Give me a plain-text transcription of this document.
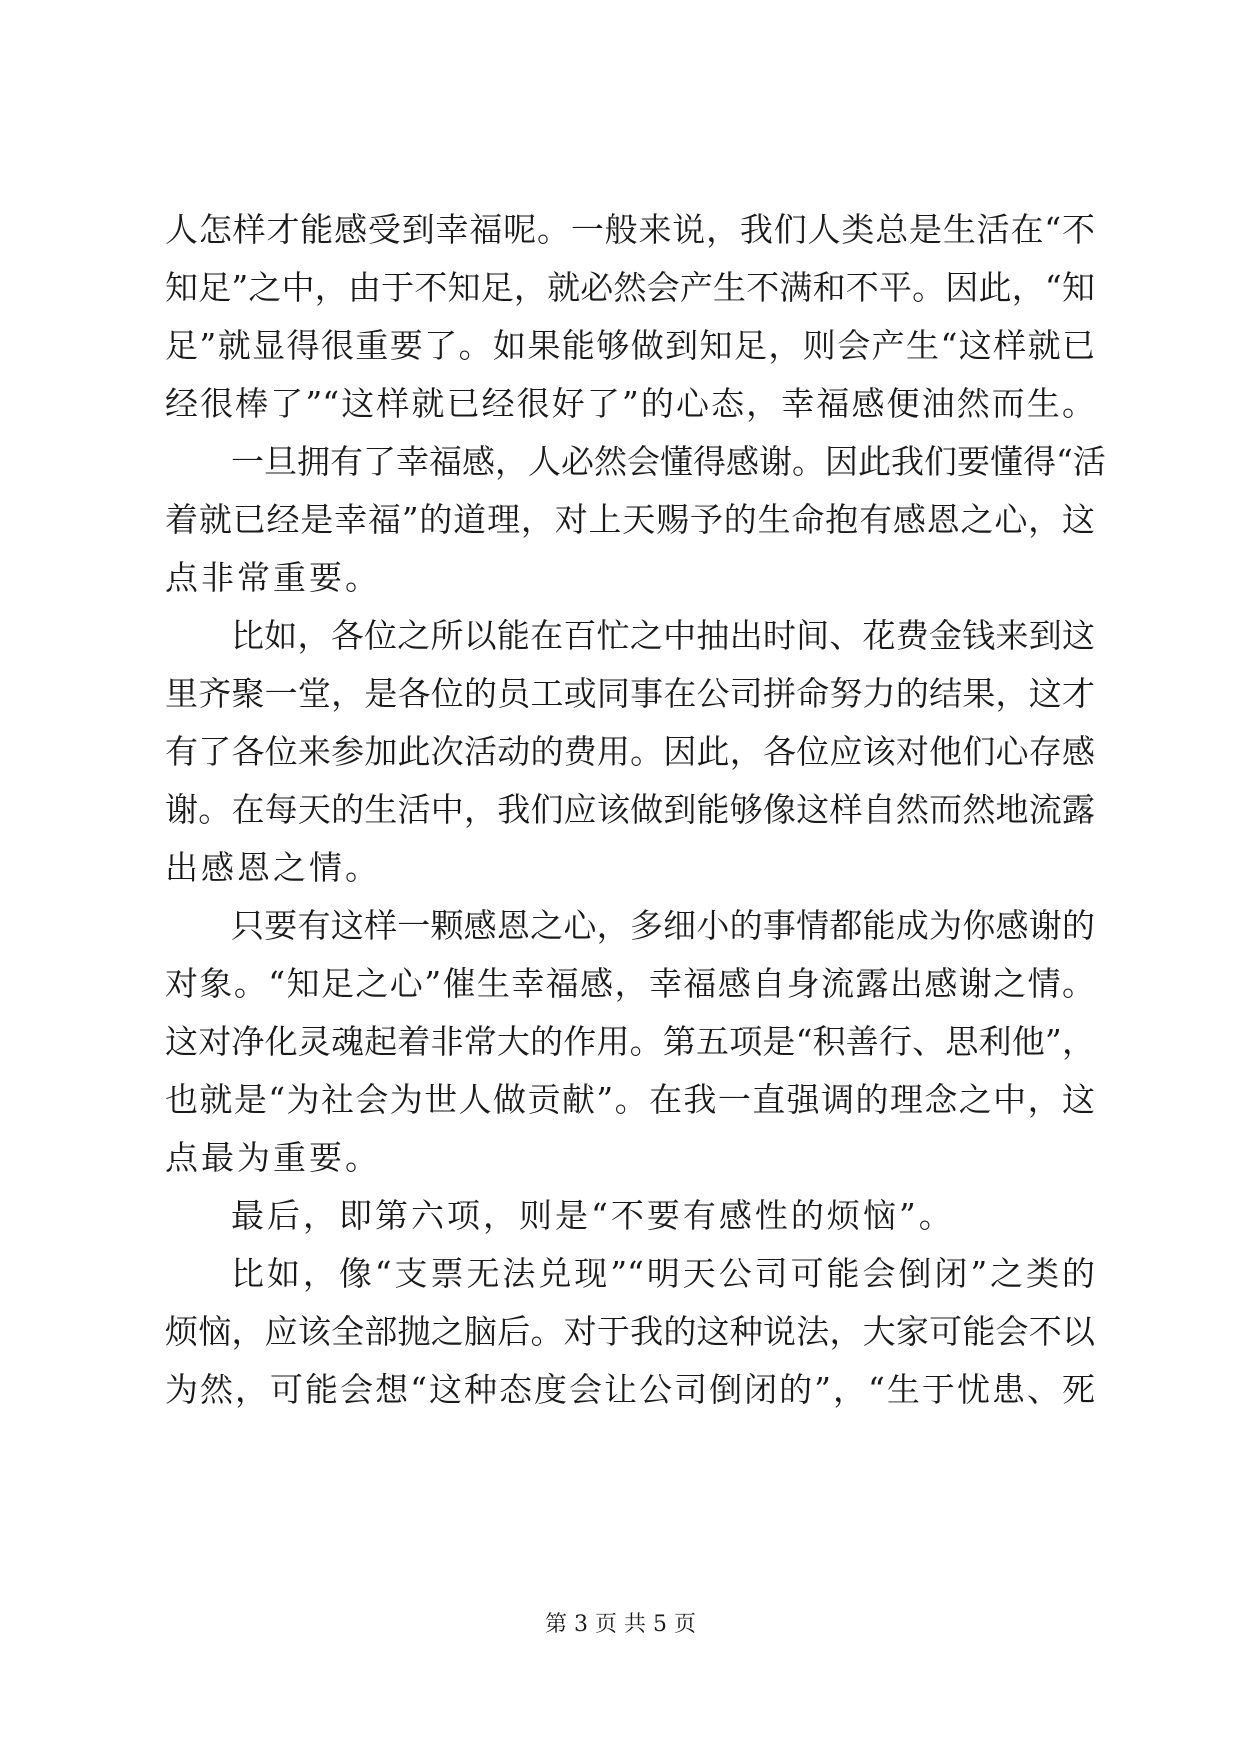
人怎样才能感受到幸福呢。一般来说，我们人类总是生活在“不
知足”之中，由于不知足，就必然会产生不满和不平。因此，“知
足”就显得很重要了。如果能够做到知足，则会产生“这样就已
经很棒了”“这样就已经很好了”的心态，幸福感便油然而生。
一旦拥有了幸福感，人必然会懂得感谢。因此我们要懂得“活
着就已经是幸福”的道理，对上天赐予的生命抱有感恩之心，这
点非常重要。
比如，各位之所以能在百忙之中抽出时间、花费金钱来到这
里齐聚一堂，是各位的员工或同事在公司拼命努力的结果，这才
有了各位来参加此次活动的费用。因此，各位应该对他们心存感
谢。在每天的生活中，我们应该做到能够像这样自然而然地流露
出感恩之情。
只要有这样一颗感恩之心，多细小的事情都能成为你感谢的
对象。“知足之心”催生幸福感，幸福感自身流露出感谢之情。
这对净化灵魂起着非常大的作用。第五项是“积善行、思利他”，
也就是“为社会为世人做贡献”。在我一直强调的理念之中，这
点最为重要。
最后，即第六项，则是“不要有感性的烦恼”。
比如，像“支票无法兑现”“明天公司可能会倒闭”之类的
烦恼，应该全部抛之脑后。对于我的这种说法，大家可能会不以
为然，可能会想“这种态度会让公司倒闭的”，“生于忧患、死
第 3 页 共 5 页
